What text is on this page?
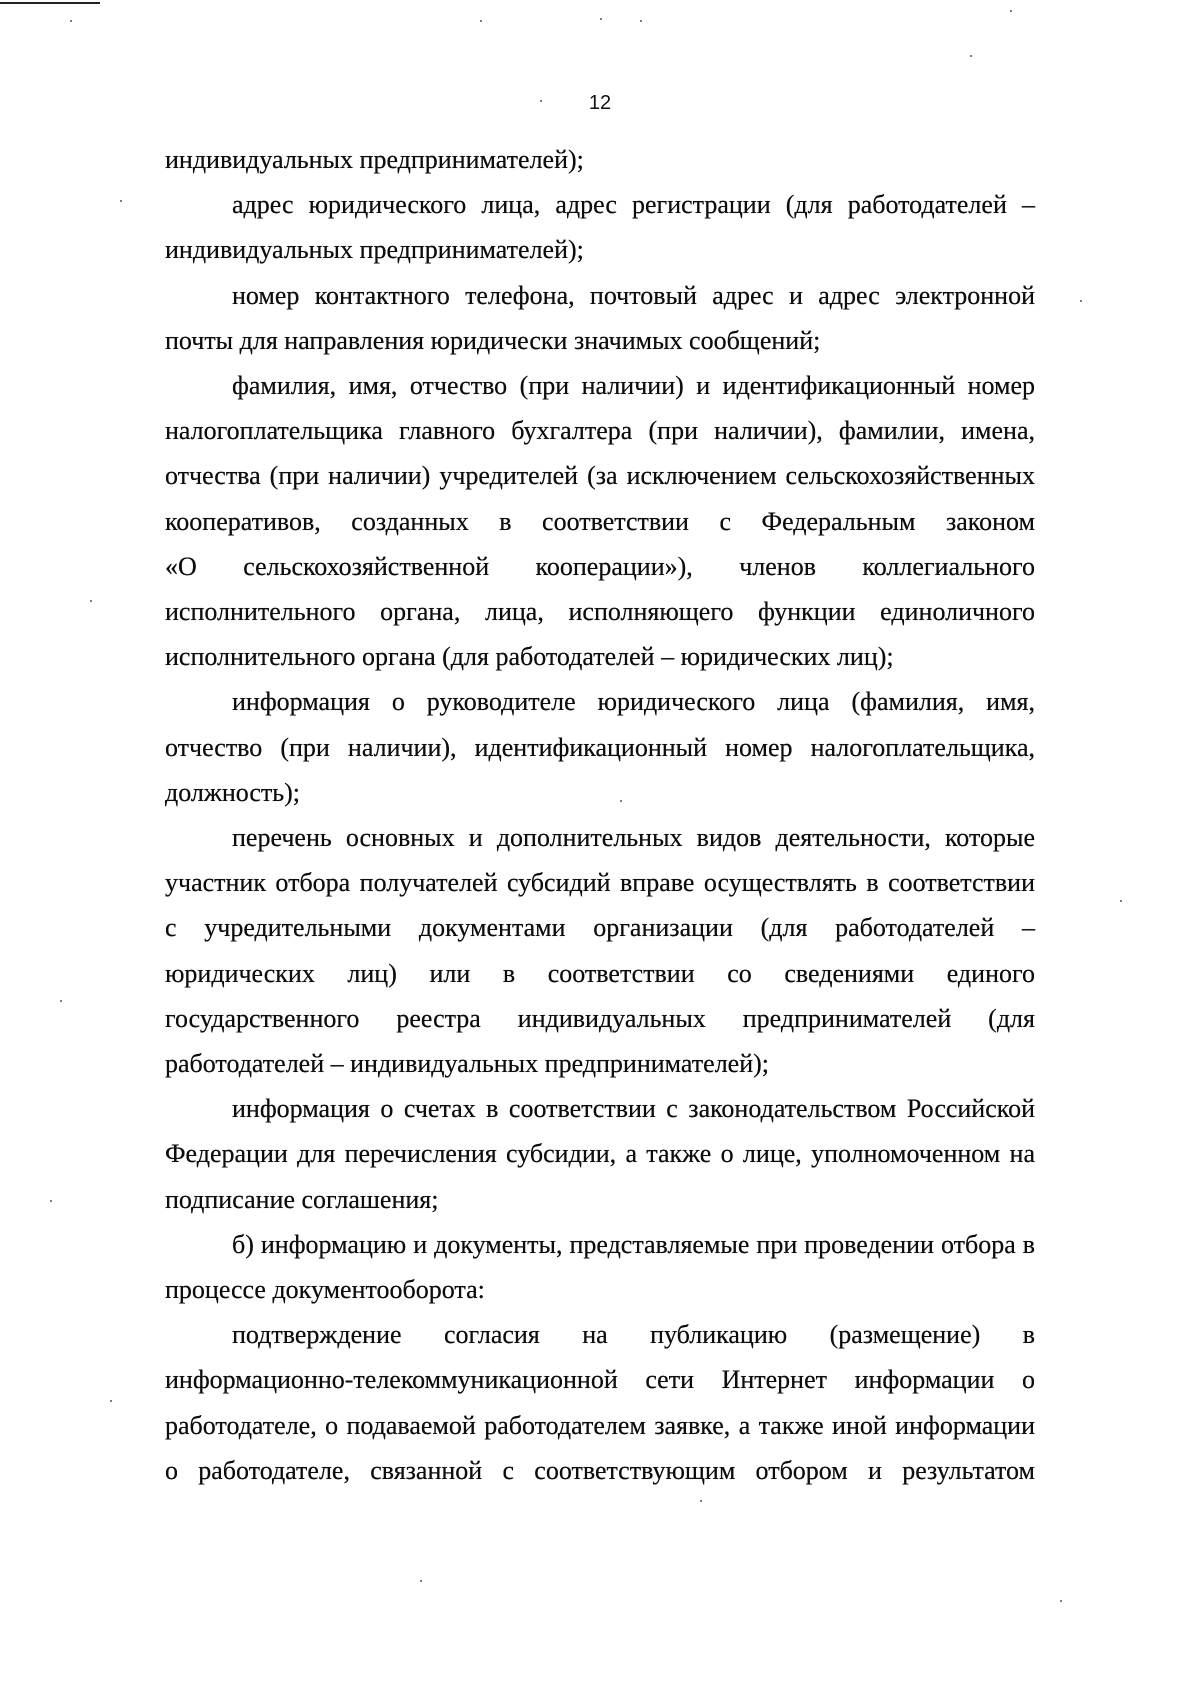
12
индивидуальных предпринимателей);
адрес юридического лица, адрес регистрации (для работодателей –
индивидуальных предпринимателей);
номер контактного телефона, почтовый адрес и адрес электронной
почты для направления юридически значимых сообщений;
фамилия, имя, отчество (при наличии) и идентификационный номер
налогоплательщика главного бухгалтера (при наличии), фамилии, имена,
отчества (при наличии) учредителей (за исключением сельскохозяйственных
кооперативов, созданных в соответствии с Федеральным законом
«О сельскохозяйственной кооперации»), членов коллегиального
исполнительного органа, лица, исполняющего функции единоличного
исполнительного органа (для работодателей – юридических лиц);
информация о руководителе юридического лица (фамилия, имя,
отчество (при наличии), идентификационный номер налогоплательщика,
должность);
перечень основных и дополнительных видов деятельности, которые
участник отбора получателей субсидий вправе осуществлять в соответствии
с учредительными документами организации (для работодателей –
юридических лиц) или в соответствии со сведениями единого
государственного реестра индивидуальных предпринимателей (для
работодателей – индивидуальных предпринимателей);
информация о счетах в соответствии с законодательством Российской
Федерации для перечисления субсидии, а также о лице, уполномоченном на
подписание соглашения;
б) информацию и документы, представляемые при проведении отбора в
процессе документооборота:
подтверждение согласия на публикацию (размещение) в
информационно-телекоммуникационной сети Интернет информации о
работодателе, о подаваемой работодателем заявке, а также иной информации
о работодателе, связанной с соответствующим отбором и результатом
